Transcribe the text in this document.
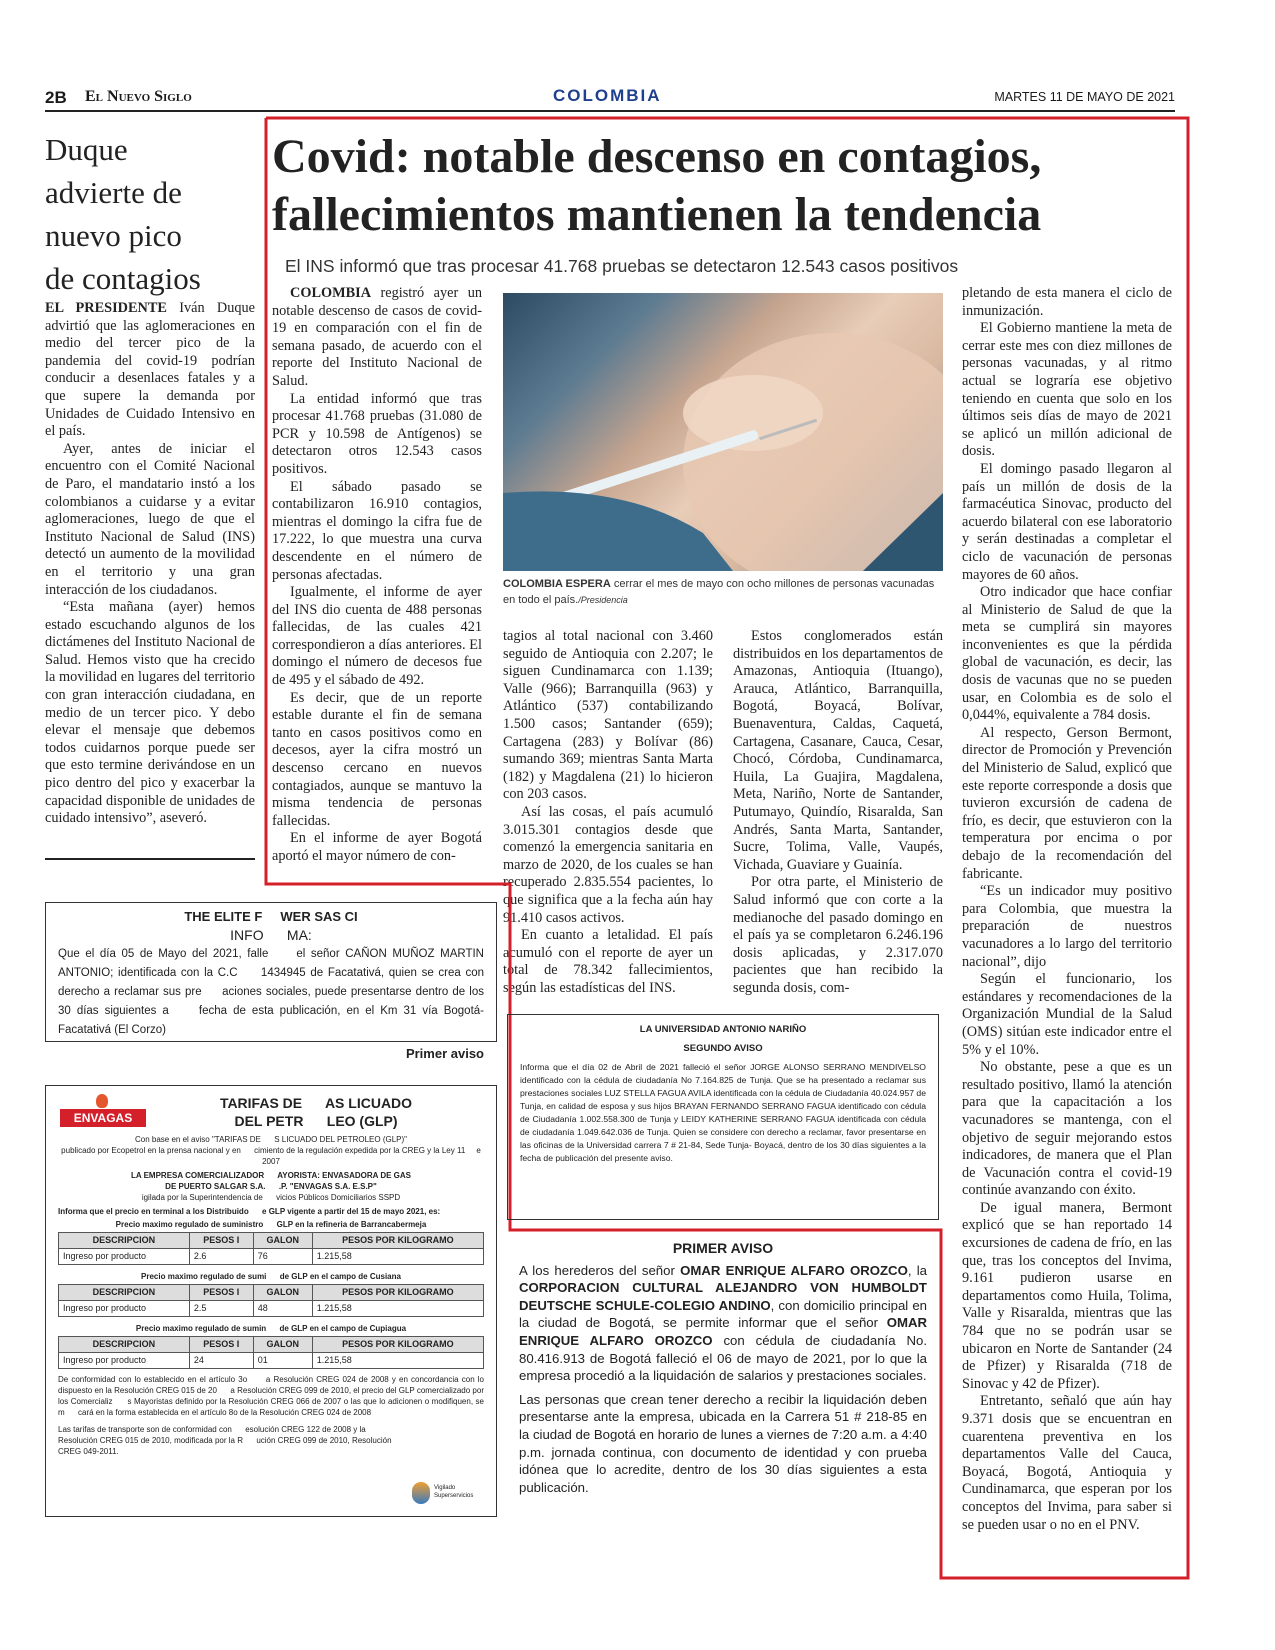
2B El Nuevo Siglo	COLOMBIA	MARTES 11 DE MAYO DE 2021
Duque
advierte de
nuevo pico
de contagios

EL PRESIDENTE Iván Duque advirtió que las aglomeraciones en medio del tercer pico de la pandemia del covid-19 podrían conducir a desenlaces fatales y a que supere la demanda por Unidades de Cuidado Intensivo en el país.

Ayer, antes de iniciar el encuentro con el Comité Nacional de Paro, el mandatario instó a los colombianos a cuidarse y a evitar aglomeraciones, luego de que el Instituto Nacional de Salud (INS) detectó un aumento de la movilidad en el territorio y una gran interacción de los ciudadanos.

“Esta mañana (ayer) hemos estado escuchando algunos de los dictámenes del Instituto Nacional de Salud. Hemos visto que ha crecido la movilidad en lugares del territorio con gran interacción ciudadana, en medio de un tercer pico. Y debo elevar el mensaje que debemos todos cuidarnos porque puede ser que esto termine derivándose en un pico dentro del pico y exacerbar la capacidad disponible de unidades de cuidado intensivo”, aseveró.

Covid: notable descenso en contagios,
fallecimientos mantienen la tendencia
El INS informó que tras procesar 41.768 pruebas se detectaron 12.543 casos positivos

COLOMBIA registró ayer un notable descenso de casos de covid-19 en comparación con el fin de semana pasado, de acuerdo con el reporte del Instituto Nacional de Salud.

La entidad informó que tras procesar 41.768 pruebas (31.080 de PCR y 10.598 de Antígenos) se detectaron otros 12.543 casos positivos.

El sábado pasado se contabilizaron 16.910 contagios, mientras el domingo la cifra fue de 17.222, lo que muestra una curva descendente en el número de personas afectadas.

Igualmente, el informe de ayer del INS dio cuenta de 488 personas fallecidas, de las cuales 421 correspondieron a días anteriores. El domingo el número de decesos fue de 495 y el sábado de 492.

Es decir, que de un reporte estable durante el fin de semana tanto en casos positivos como en decesos, ayer la cifra mostró un descenso cercano en nuevos contagiados, aunque se mantuvo la misma tendencia de personas fallecidas.

En el informe de ayer Bogotá aportó el mayor número de con-

COLOMBIA ESPERA cerrar el mes de mayo con ocho millones de personas vacunadas en todo el país./Presidencia

tagios al total nacional con 3.460 seguido de Antioquia con 2.207; le siguen Cundinamarca con 1.139; Valle (966); Barranquilla (963) y Atlántico (537) contabilizando 1.500 casos; Santander (659); Cartagena (283) y Bolívar (86) sumando 369; mientras Santa Marta (182) y Magdalena (21) lo hicieron con 203 casos.

Así las cosas, el país acumuló 3.015.301 contagios desde que comenzó la emergencia sanitaria en marzo de 2020, de los cuales se han recuperado 2.835.554 pacientes, lo que significa que a la fecha aún hay 91.410 casos activos.

En cuanto a letalidad. El país acumuló con el reporte de ayer un total de 78.342 fallecimientos, según las estadísticas del INS.

Estos conglomerados están distribuidos en los departamentos de Amazonas, Antioquia (Ituango), Arauca, Atlántico, Barranquilla, Bogotá, Boyacá, Bolívar, Buenaventura, Caldas, Caquetá, Cartagena, Casanare, Cauca, Cesar, Chocó, Córdoba, Cundinamarca, Huila, La Guajira, Magdalena, Meta, Nariño, Norte de Santander, Putumayo, Quindío, Risaralda, San Andrés, Santa Marta, Santander, Sucre, Tolima, Valle, Vaupés, Vichada, Guaviare y Guainía.

Por otra parte, el Ministerio de Salud informó que con corte a la medianoche del pasado domingo en el país ya se completaron 6.246.196 dosis aplicadas, y 2.317.070 pacientes que han recibido la segunda dosis, com-

pletando de esta manera el ciclo de inmunización.

El Gobierno mantiene la meta de cerrar este mes con diez millones de personas vacunadas, y al ritmo actual se lograría ese objetivo teniendo en cuenta que solo en los últimos seis días de mayo de 2021 se aplicó un millón adicional de dosis.

El domingo pasado llegaron al país un millón de dosis de la farmacéutica Sinovac, producto del acuerdo bilateral con ese laboratorio y serán destinadas a completar el ciclo de vacunación de personas mayores de 60 años.

Otro indicador que hace confiar al Ministerio de Salud de que la meta se cumplirá sin mayores inconvenientes es que la pérdida global de vacunación, es decir, las dosis de vacunas que no se pueden usar, en Colombia es de solo el 0,044%, equivalente a 784 dosis.

Al respecto, Gerson Bermont, director de Promoción y Prevención del Ministerio de Salud, explicó que este reporte corresponde a dosis que tuvieron excursión de cadena de frío, es decir, que estuvieron con la temperatura por encima o por debajo de la recomendación del fabricante.

“Es un indicador muy positivo para Colombia, que muestra la preparación de nuestros vacunadores a lo largo del territorio nacional”, dijo

Según el funcionario, los estándares y recomendaciones de la Organización Mundial de la Salud (OMS) sitúan este indicador entre el 5% y el 10%.

No obstante, pese a que es un resultado positivo, llamó la atención para que la capacitación a los vacunadores se mantenga, con el objetivo de seguir mejorando estos indicadores, de manera que el Plan de Vacunación contra el covid-19 continúe avanzando con éxito.

De igual manera, Bermont explicó que se han reportado 14 excursiones de cadena de frío, en las que, tras los conceptos del Invima, 9.161 pudieron usarse en departamentos como Huila, Tolima, Valle y Risaralda, mientras que las 784 que no se podrán usar se ubicaron en Norte de Santander (24 de Pfizer) y Risaralda (718 de Sinovac y 42 de Pfizer).

Entretanto, señaló que aún hay 9.371 dosis que se encuentran en cuarentena preventiva en los departamentos Valle del Cauca, Boyacá, Bogotá, Antioquia y Cundinamarca, que esperan por los conceptos del Invima, para saber si se pueden usar o no en el PNV.

THE ELITE F     WER SAS CI
INFO      MA:
Que el día 05 de Mayo del 2021, falle     el señor CAÑON MUÑOZ MARTIN ANTONIO; identificada con la C.C     1434945 de Facatativá, quien se crea con derecho a reclamar sus pre     aciones sociales, puede presentarse dentro de los 30 días siguientes a     fecha de esta publicación, en el Km 31 vía Bogotá-Facatativá (El Corzo)
Primer aviso
ENVAGAS
TARIFAS DE      AS LICUADO
DEL PETR      LEO (GLP)
Con base en el aviso "TARIFAS DE      S LICUADO DEL PETROLEO (GLP)"
publicado por Ecopetrol en la prensa nacional y en      cimiento de la regulación expedida por la CREG y la Ley 11     e 2007
LA EMPRESA COMERCIALIZADOR      AYORISTA: ENVASADORA DE GAS
DE PUERTO SALGAR S.A.      .P. "ENVAGAS S.A. E.S.P"
igilada por la Superintendencia de      vicios Públicos Domiciliarios SSPD
Informa que el precio en terminal a los Distribuido      e GLP vigente a partir del 15 de mayo 2021, es:
Precio maximo regulado de suministro      GLP en la refineria de Barrancabermeja
DESCRIPCION	PESOS I	GALON	PESOS POR KILOGRAMO
Ingreso por producto	2.6	76	1.215,58
Precio maximo regulado de sumi      de GLP en el campo de Cusiana
DESCRIPCION	PESOS I	GALON	PESOS POR KILOGRAMO
Ingreso por producto	2.5	48	1.215,58
Precio maximo regulado de sumin      de GLP en el campo de Cupiagua
DESCRIPCION	PESOS I	GALON	PESOS POR KILOGRAMO
Ingreso por producto	24	01	1.215,58
De conformidad con lo establecido en el artículo 3o      a Resolución CREG 024 de 2008 y en concordancia con lo dispuesto en la Resolución CREG 015 de 20      a Resolución CREG 099 de 2010, el precio del GLP comercializado por los Comercializ      s Mayoristas definido por la Resolución CREG 066 de 2007 o las que lo adicionen o modifiquen, se m      cará en la forma establecida en el artículo 8o de la Resolución CREG 024 de 2008
Las tarifas de transporte son de conformidad con      esolución CREG 122 de 2008 y la Resolución CREG 015 de 2010, modificada por la R      ución CREG 099 de 2010, Resolución CREG 049-2011.
Vigilado Superservicios
LA UNIVERSIDAD ANTONIO NARIÑO
SEGUNDO AVISO
Informa que el día 02 de Abril de 2021 falleció el señor JORGE ALONSO SERRANO MENDIVELSO identificado con la cédula de ciudadanía No 7.164.825 de Tunja. Que se ha presentado a reclamar sus prestaciones sociales LUZ STELLA FAGUA AVILA identificada con la cédula de Ciudadanía 40.024.957 de Tunja, en calidad de esposa y sus hijos BRAYAN FERNANDO SERRANO FAGUA identificado con cédula de Ciudadanía 1.002.558.300 de Tunja y LEIDY KATHERINE SERRANO FAGUA identificada con cédula de ciudadanía 1.049.642.036 de Tunja. Quien se considere con derecho a reclamar, favor presentarse en las oficinas de la Universidad carrera 7 # 21-84, Sede Tunja- Boyacá, dentro de los 30 días siguientes a la fecha de publicación del presente aviso.
PRIMER AVISO

A los herederos del señor OMAR ENRIQUE ALFARO OROZCO, la CORPORACION CULTURAL ALEJANDRO VON HUMBOLDT DEUTSCHE SCHULE-COLEGIO ANDINO, con domicilio principal en la ciudad de Bogotá, se permite informar que el señor OMAR ENRIQUE ALFARO OROZCO con cédula de ciudadanía No. 80.416.913 de Bogotá falleció el 06 de mayo de 2021, por lo que la empresa procedió a la liquidación de salarios y prestaciones sociales.

Las personas que crean tener derecho a recibir la liquidación deben presentarse ante la empresa, ubicada en la Carrera 51 # 218-85 en la ciudad de Bogotá en horario de lunes a viernes de 7:20 a.m. a 4:40 p.m. jornada continua, con documento de identidad y con prueba idónea que lo acredite, dentro de los 30 días siguientes a esta publicación.
